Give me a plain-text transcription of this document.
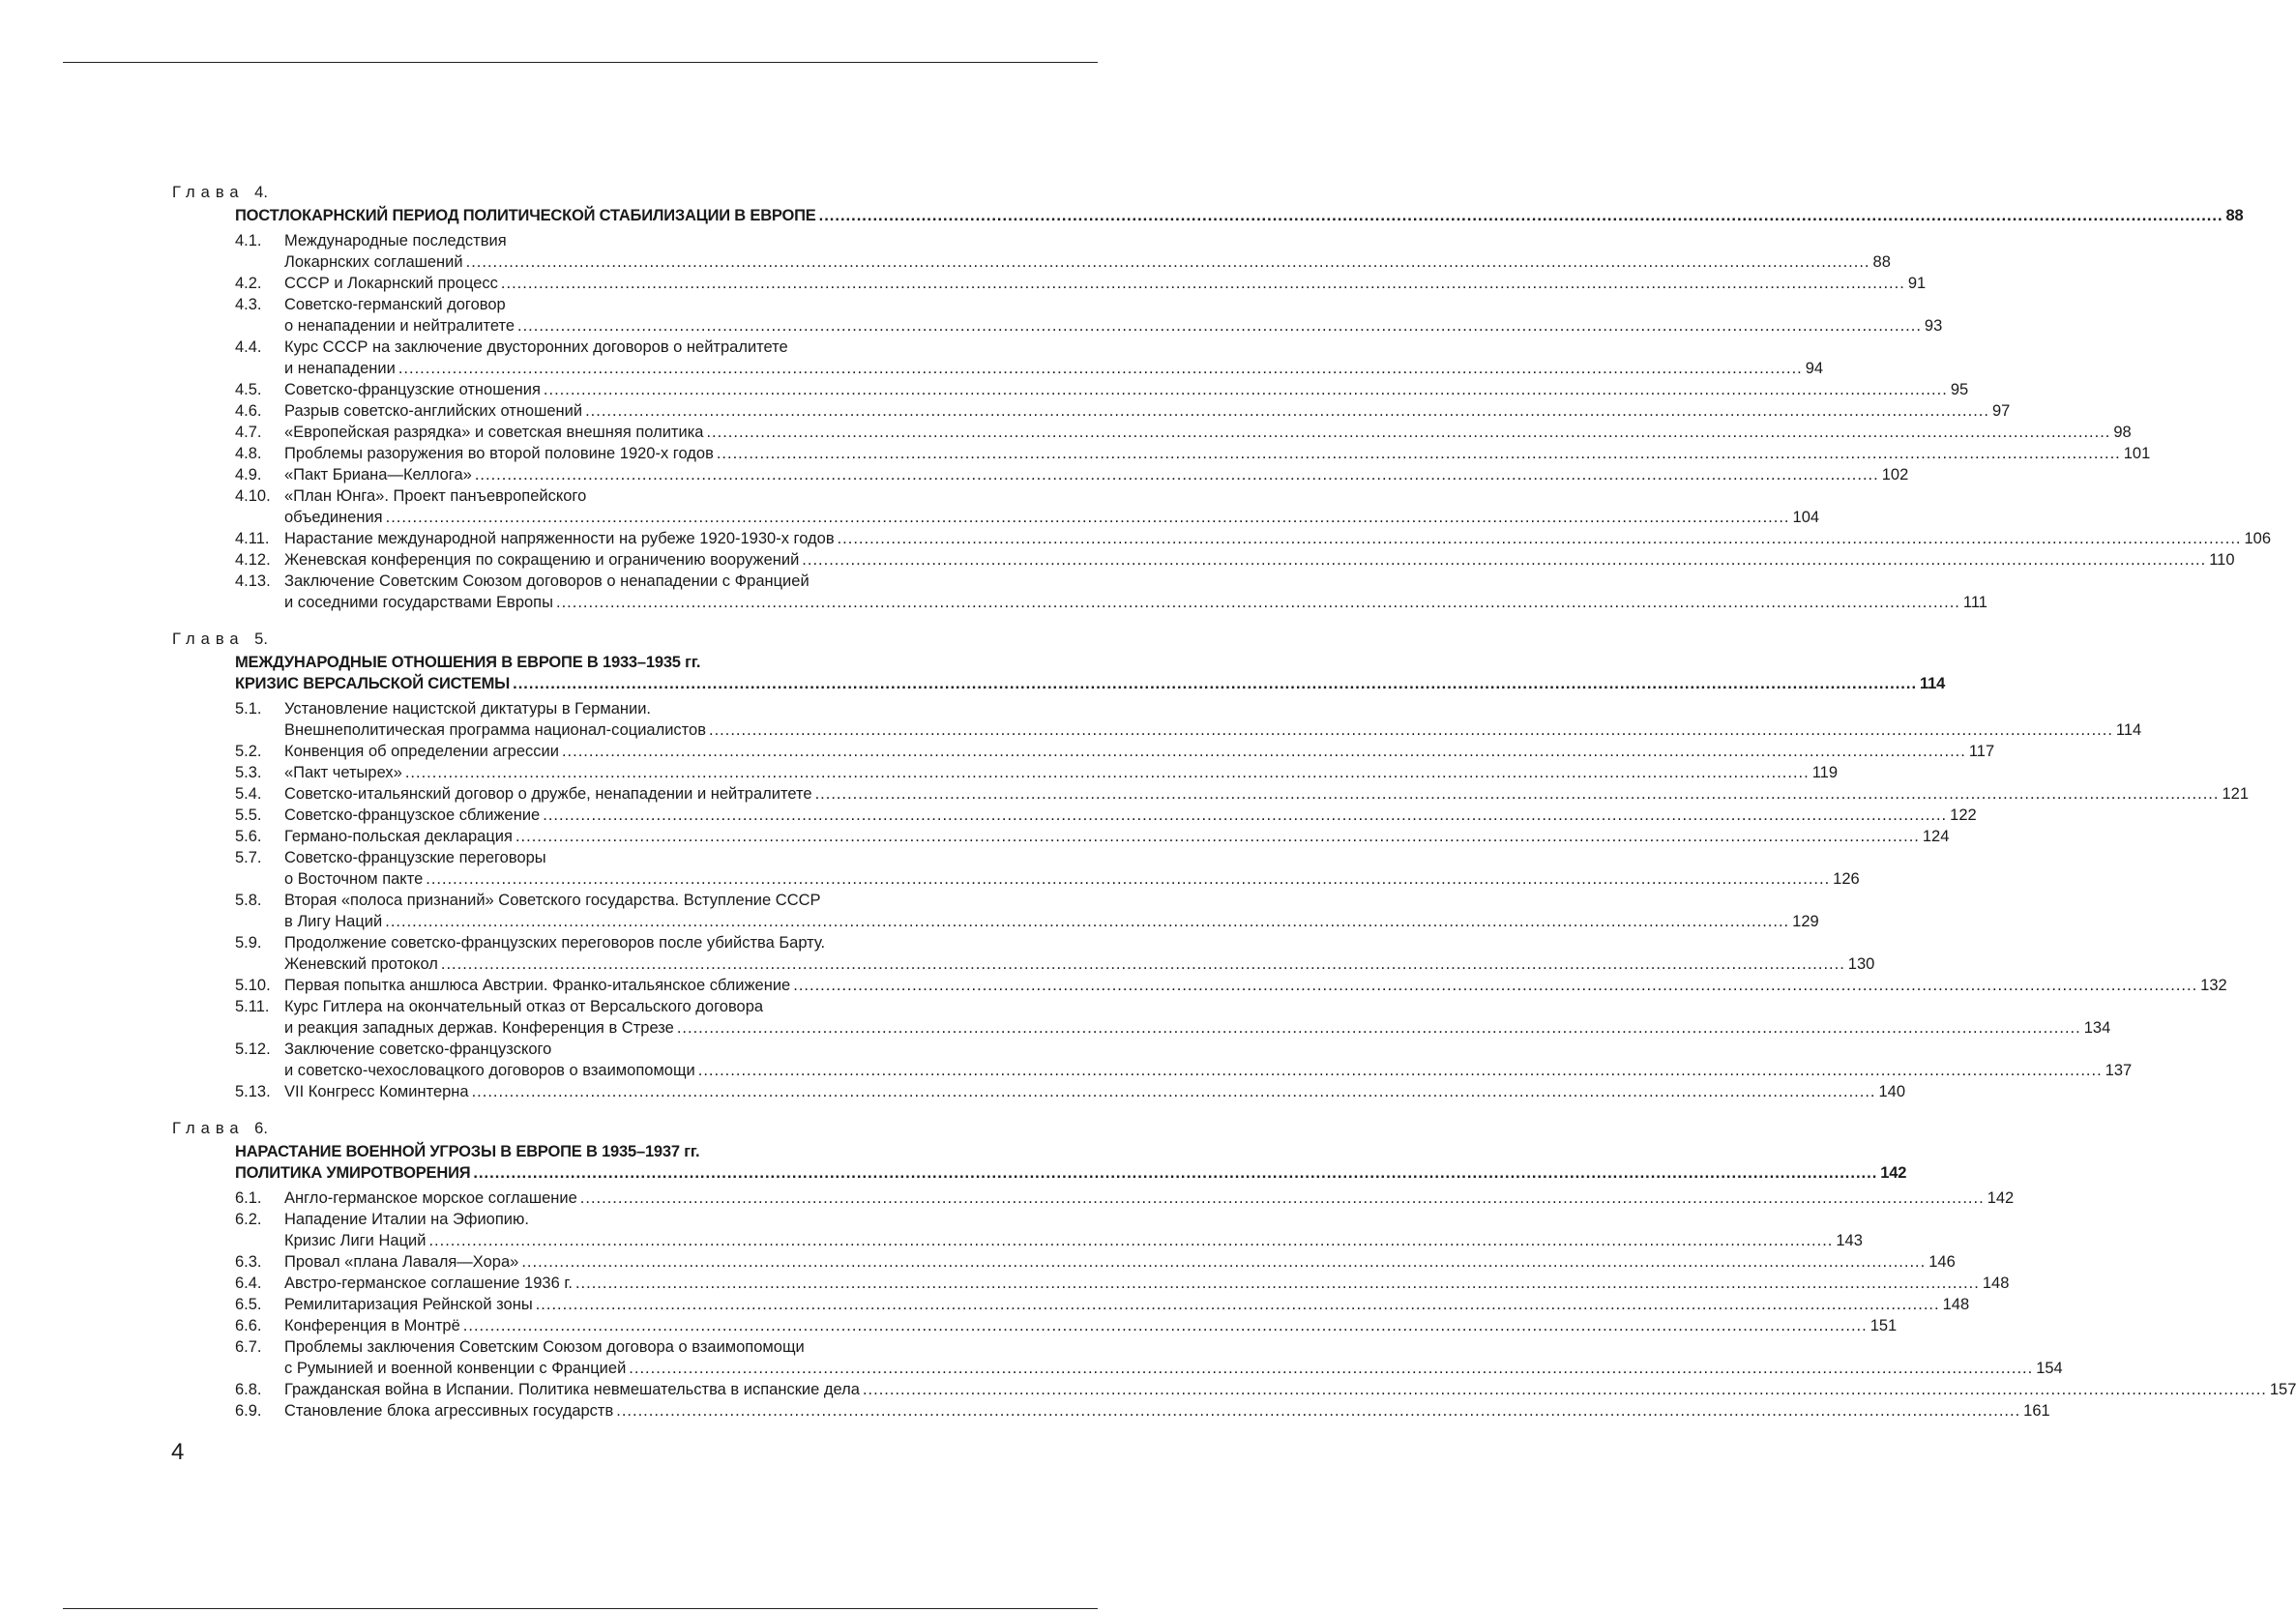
Глава 4.
ПОСТЛОКАРНСКИЙ ПЕРИОД ПОЛИТИЧЕСКОЙ СТАБИЛИЗАЦИИ В ЕВРОПЕ .....	88
4.1.	Международные последствия
Локарнских соглашений .....	88
4.2.	СССР и Локарнский процесс .....	91
4.3.	Советско-германский договор
о ненападении и нейтралитете .....	93
4.4.	Курс СССР на заключение двусторонних договоров о нейтралитете
и ненападении .....	94
4.5.	Советско-французские отношения .....	95
4.6.	Разрыв советско-английских отношений .....	97
4.7.	«Европейская разрядка» и советская внешняя политика .....	98
4.8.	Проблемы разоружения во второй половине 1920-х годов .....	101
4.9.	«Пакт Бриана—Келлога» .....	102
4.10. «План Юнга». Проект панъевропейского
объединения .....	104
4.11. Нарастание международной напряженности на рубеже 1920-1930-х годов .....	106
4.12. Женевская конференция по сокращению и ограничению вооружений .....	110
4.13. Заключение Советским Союзом договоров о ненападении с Францией
и соседними государствами Европы .....	111
Глава 5.
МЕЖДУНАРОДНЫЕ ОТНОШЕНИЯ В ЕВРОПЕ В 1933–1935 гг.
КРИЗИС ВЕРСАЛЬСКОЙ СИСТЕМЫ .....	114
5.1.	Установление нацистской диктатуры в Германии.
Внешнеполитическая программа национал-социалистов .....	114
5.2.	Конвенция об определении агрессии .....	117
5.3.	«Пакт четырех» .....	119
5.4.	Советско-итальянский договор о дружбе, ненападении и нейтралитете .....	121
5.5.	Советско-французское сближение .....	122
5.6.	Германо-польская декларация .....	124
5.7.	Советско-французские переговоры
о Восточном пакте .....	126
5.8.	Вторая «полоса признаний» Советского государства. Вступление СССР
в Лигу Наций .....	129
5.9.	Продолжение советско-французских переговоров после убийства Барту.
Женевский протокол .....	130
5.10. Первая попытка аншлюса Австрии. Франко-итальянское сближение .....	132
5.11. Курс Гитлера на окончательный отказ от Версальского договора
и реакция западных держав. Конференция в Стрезе .....	134
5.12. Заключение советско-французского
и советско-чехословацкого договоров о взаимопомощи .....	137
5.13. VII Конгресс Коминтерна .....	140
Глава 6.
НАРАСТАНИЕ ВОЕННОЙ УГРОЗЫ В ЕВРОПЕ В 1935–1937 гг.
ПОЛИТИКА УМИРОТВОРЕНИЯ .....	142
6.1.	Англо-германское морское соглашение .....	142
6.2.	Нападение Италии на Эфиопию.
Кризис Лиги Наций .....	143
6.3.	Провал «плана Лаваля—Хора» .....	146
6.4.	Австро-германское соглашение 1936 г. .....	148
6.5.	Ремилитаризация Рейнской зоны .....	148
6.6.	Конференция в Монтрё .....	151
6.7.	Проблемы заключения Советским Союзом договора о взаимопомощи
с Румынией и военной конвенции с Францией .....	154
6.8.	Гражданская война в Испании. Политика невмешательства в испанские дела .....	157
6.9.	Становление блока агрессивных государств .....	161
4
